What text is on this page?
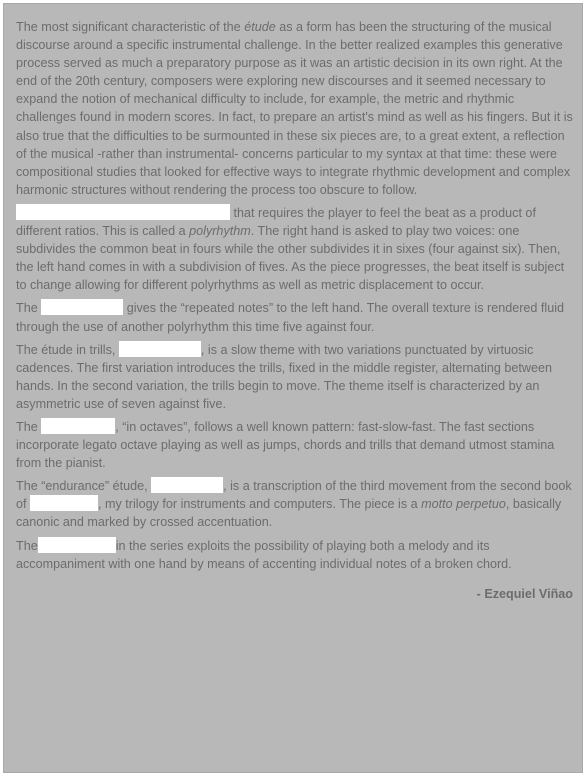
The most significant characteristic of the étude as a form has been the structuring of the musical discourse around a specific instrumental challenge. In the better realized examples this generative process served as much a preparatory purpose as it was an artistic decision in its own right. At the end of the 20th century, composers were exploring new discourses and it seemed necessary to expand the notion of mechanical difficulty to include, for example, the metric and rhythmic challenges found in modern scores. In fact, to prepare an artist's mind as well as his fingers. But it is also true that the difficulties to be surmounted in these six pieces are, to a great extent, a reflection of the musical -rather than instrumental- concerns particular to my syntax at that time: these were compositional studies that looked for effective ways to integrate rhythmic development and complex harmonic structures without rendering the process too obscure to follow.

that requires the player to feel the beat as a product of different ratios. This is called a polyrhythm. The right hand is asked to play two voices: one subdivides the common beat in fours while the other subdivides it in sixes (four against six). Then, the left hand comes in with a subdivision of fives. As the piece progresses, the beat itself is subject to change allowing for different polyrhythms as well as metric displacement to occur.

The	gives the “repeated notes” to the left hand. The overall texture is rendered fluid through the use of another polyrhythm this time five against four.

The étude in trills,	, is a slow theme with two variations punctuated by virtuosic cadences. The first variation introduces the trills, fixed in the middle register, alternating between hands. In the second variation, the trills begin to move. The theme itself is characterized by an asymmetric use of seven against five.

The	, “in octaves”, follows a well known pattern: fast-slow-fast. The fast sections incorporate legato octave playing as well as jumps, chords and trills that demand utmost stamina from the pianist.

The “endurance” étude,	, is a transcription of the third movement from the second book of	, my trilogy for instruments and computers. The piece is a motto perpetuo, basically canonic and marked by crossed accentuation.

The	in the series exploits the possibility of playing both a melody and its accompaniment with one hand by means of accenting individual notes of a broken chord.

- Ezequiel Viñao
